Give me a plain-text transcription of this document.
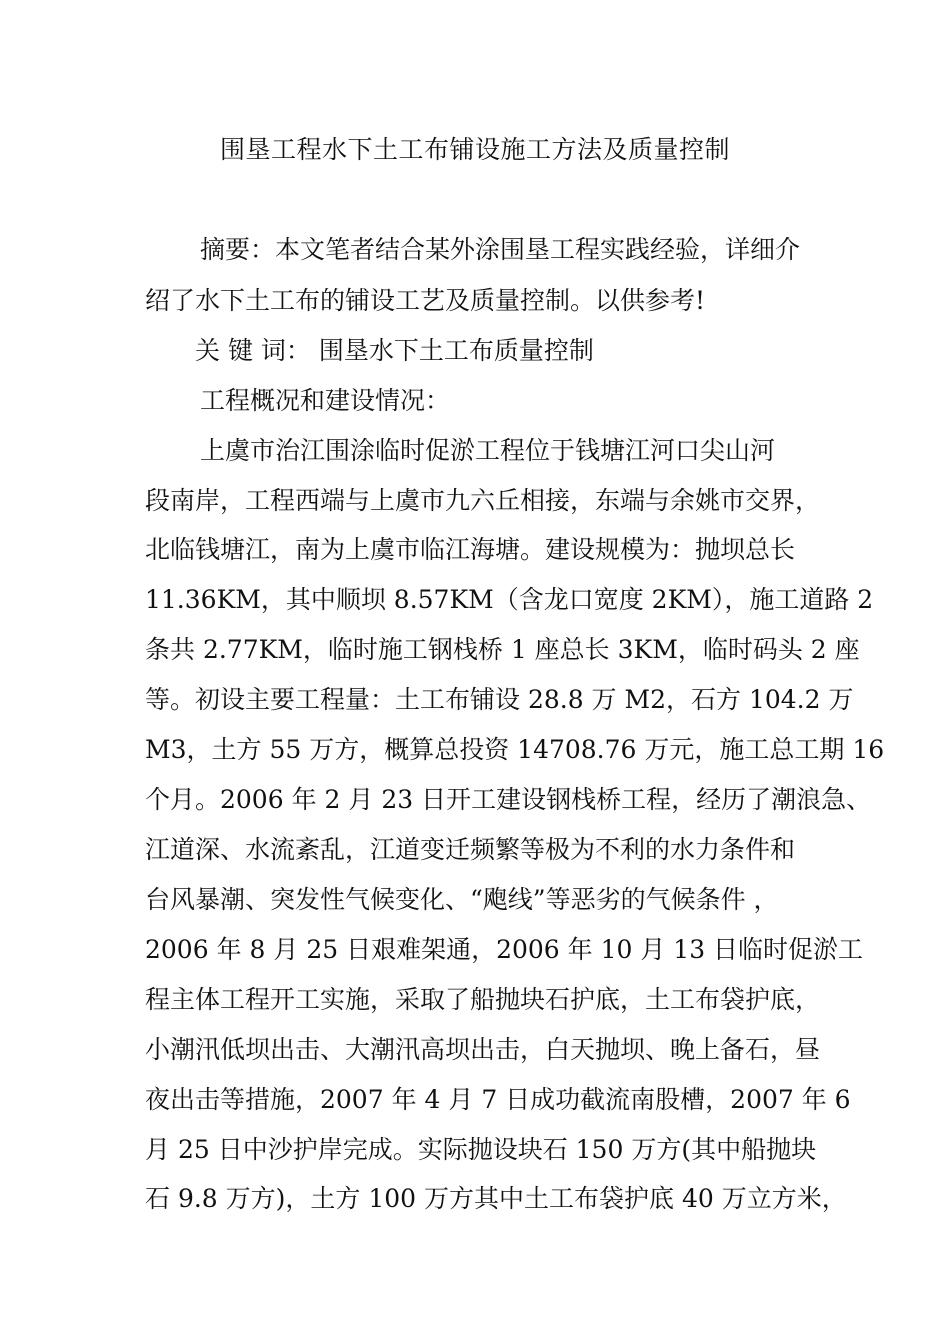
围垦工程水下土工布铺设施工方法及质量控制
摘要：本文笔者结合某外涂围垦工程实践经验，详细介
绍了水下土工布的铺设工艺及质量控制。以供参考!
关 键 词： 围垦水下土工布质量控制
工程概况和建设情况：
上虞市治江围涂临时促淤工程位于钱塘江河口尖山河
段南岸，工程西端与上虞市九六丘相接，东端与余姚市交界，
北临钱塘江，南为上虞市临江海塘。建设规模为：抛坝总长
11.36KM，其中顺坝 8.57KM（含龙口宽度 2KM），施工道路 2
条共 2.77KM，临时施工钢栈桥 1 座总长 3KM，临时码头 2 座
等。初设主要工程量：土工布铺设 28.8 万 M2，石方 104.2 万
M3，土方 55 万方，概算总投资 14708.76 万元，施工总工期 16
个月。2006 年 2 月 23 日开工建设钢栈桥工程，经历了潮浪急、
江道深、水流紊乱，江道变迁频繁等极为不利的水力条件和
台风暴潮、突发性气候变化、“飑线”等恶劣的气候条件 ，
2006 年 8 月 25 日艰难架通，2006 年 10 月 13 日临时促淤工
程主体工程开工实施，采取了船抛块石护底，土工布袋护底，
小潮汛低坝出击、大潮汛高坝出击，白天抛坝、晚上备石，昼
夜出击等措施，2007 年 4 月 7 日成功截流南股槽，2007 年 6
月 25 日中沙护岸完成。实际抛设块石 150 万方(其中船抛块
石 9.8 万方)，土方 100 万方其中土工布袋护底 40 万立方米，
